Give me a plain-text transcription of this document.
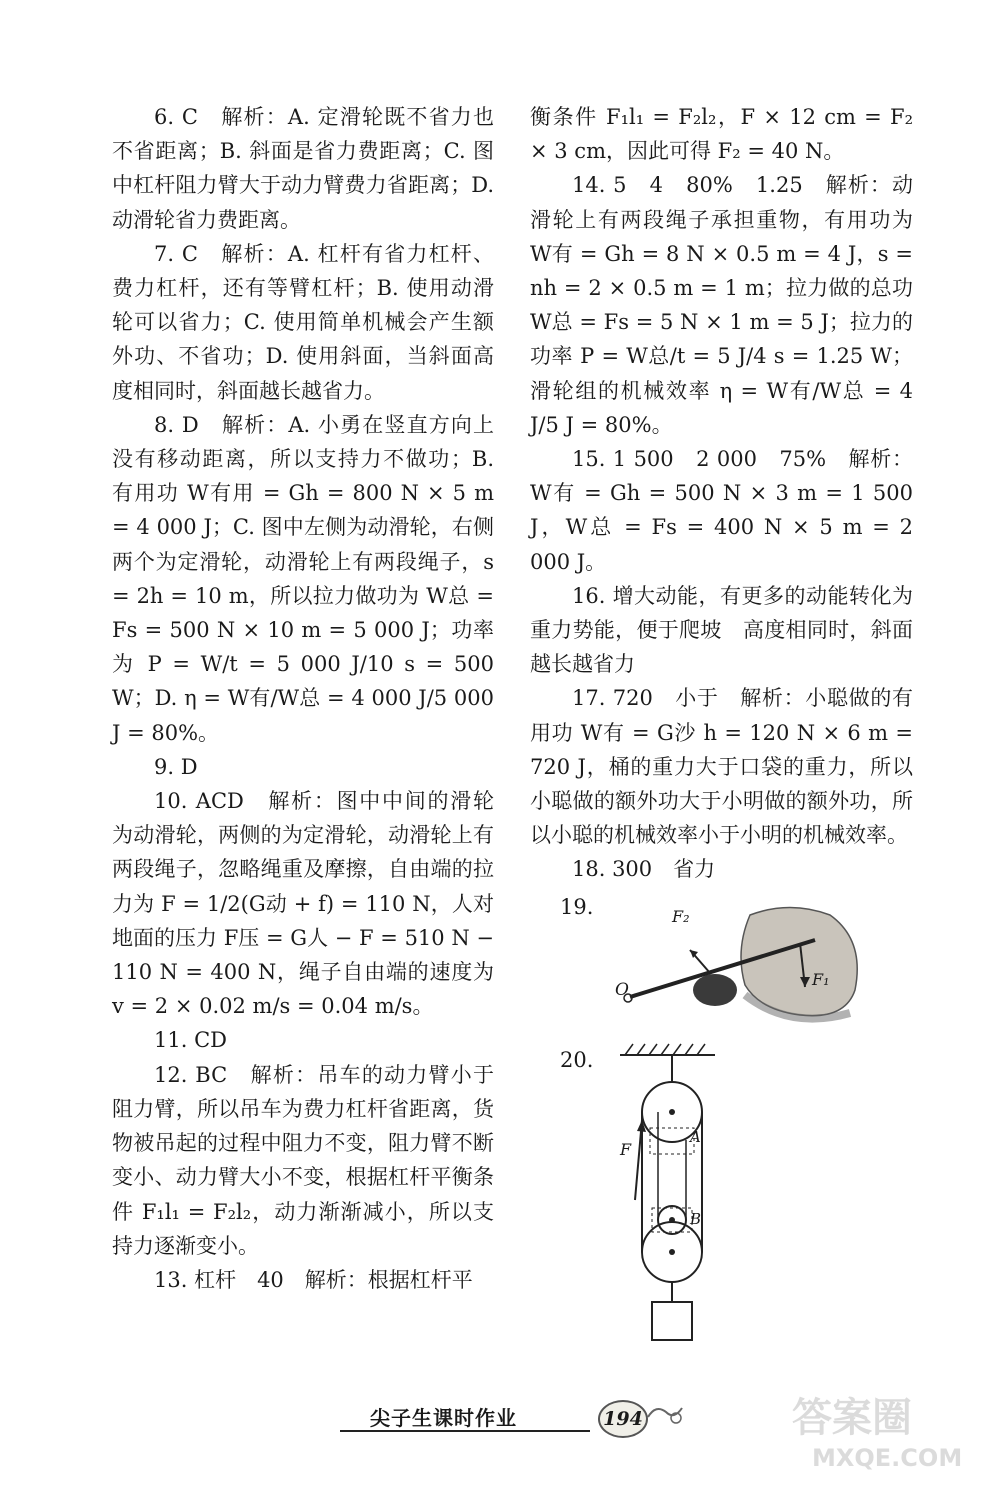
6. C　解析：A. 定滑轮既不省力也不省距离；B. 斜面是省力费距离；C. 图中杠杆阻力臂大于动力臂费力省距离；D. 动滑轮省力费距离。

7. C　解析：A. 杠杆有省力杠杆、费力杠杆，还有等臂杠杆；B. 使用动滑轮可以省力；C. 使用简单机械会产生额外功、不省功；D. 使用斜面，当斜面高度相同时，斜面越长越省力。

8. D　解析：A. 小勇在竖直方向上没有移动距离，所以支持力不做功；B. 有用功 W有用 = Gh = 800 N × 5 m = 4 000 J；C. 图中左侧为动滑轮，右侧两个为定滑轮，动滑轮上有两段绳子，s = 2h = 10 m，所以拉力做功为 W总 = Fs = 500 N × 10 m = 5 000 J；功率为 P = W/t = 5 000 J/10 s = 500 W；D. η = W有/W总 = 4 000 J/5 000 J = 80%。

9. D

10. ACD　解析：图中中间的滑轮为动滑轮，两侧的为定滑轮，动滑轮上有两段绳子，忽略绳重及摩擦，自由端的拉力为 F = 1/2(G动 + f) = 110 N，人对地面的压力 F压 = G人 − F = 510 N − 110 N = 400 N，绳子自由端的速度为 v = 2 × 0.02 m/s = 0.04 m/s。

11. CD

12. BC　解析：吊车的动力臂小于阻力臂，所以吊车为费力杠杆省距离，货物被吊起的过程中阻力不变，阻力臂不断变小、动力臂大小不变，根据杠杆平衡条件 F₁l₁ = F₂l₂，动力渐渐减小，所以支持力逐渐变小。

13. 杠杆　40　解析：根据杠杆平

衡条件 F₁l₁ = F₂l₂，F × 12 cm = F₂ × 3 cm，因此可得 F₂ = 40 N。

14. 5　4　80%　1.25　解析：动滑轮上有两段绳子承担重物，有用功为 W有 = Gh = 8 N × 0.5 m = 4 J，s = nh = 2 × 0.5 m = 1 m；拉力做的总功 W总 = Fs = 5 N × 1 m = 5 J；拉力的功率 P = W总/t = 5 J/4 s = 1.25 W；滑轮组的机械效率 η = W有/W总 = 4 J/5 J = 80%。

15. 1 500　2 000　75%　解析：W有 = Gh = 500 N × 3 m = 1 500 J，W总 = Fs = 400 N × 5 m = 2 000 J。

16. 增大动能，有更多的动能转化为重力势能，便于爬坡　高度相同时，斜面越长越省力

17. 720　小于　解析：小聪做的有用功 W有 = G沙 h = 120 N × 6 m = 720 J，桶的重力大于口袋的重力，所以小聪做的额外功大于小明做的额外功，所以小聪的机械效率小于小明的机械效率。

18. 300　省力

19.	F₂
F₁
O
20.
F
A
B
尖子生课时作业	194	答案圈
MXQE.COM
